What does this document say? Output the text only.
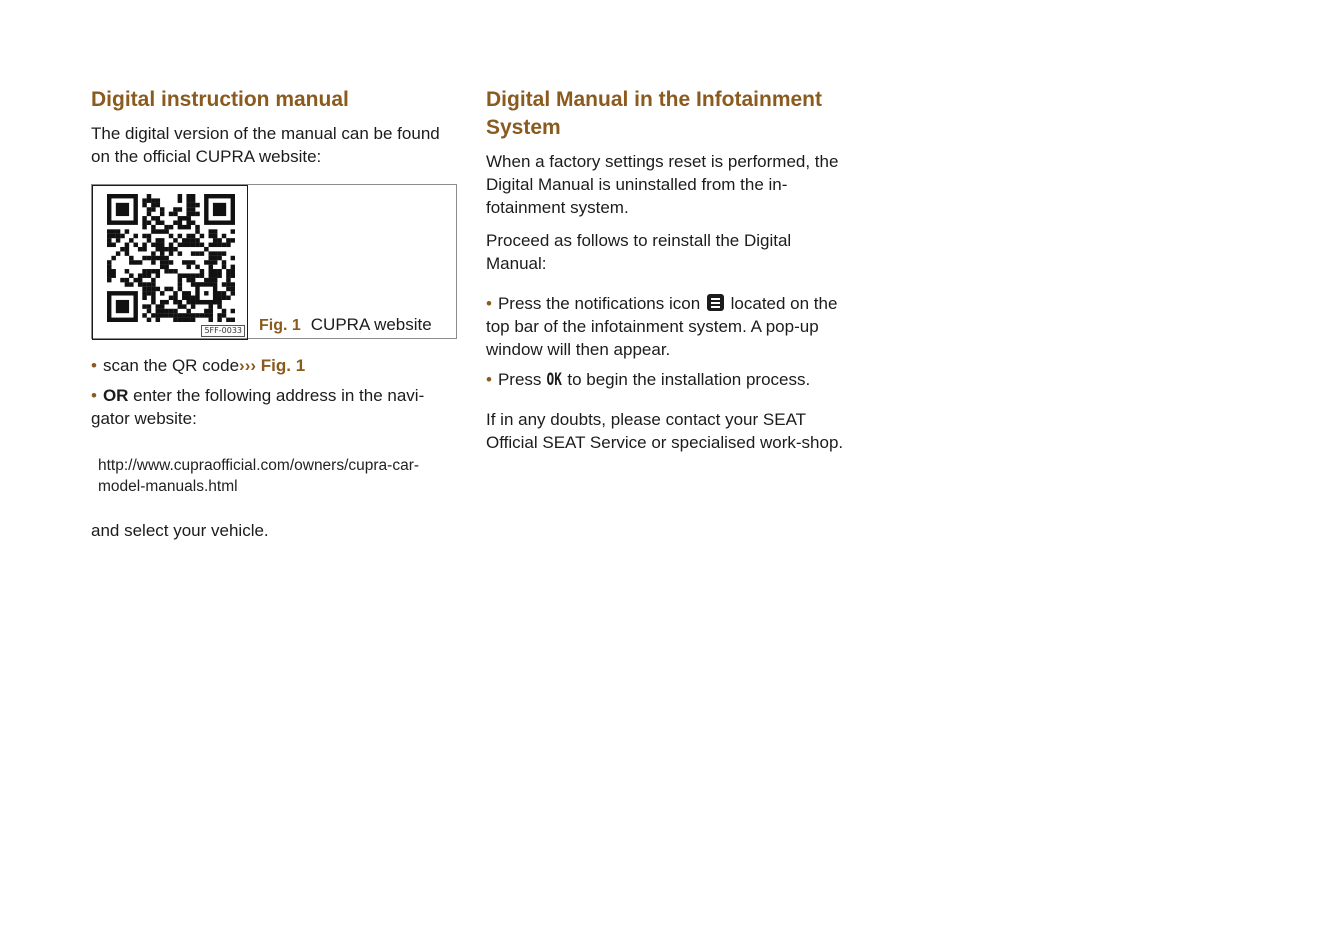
Digital instruction manual

The digital version of the manual can be found on the official CUPRA website:

5FF-0033 Fig. 1 CUPRA website

• scan the QR code››› Fig. 1

• OR enter the following address in the navi-gator website:

http://www.cupraofficial.com/owners/cupra-car-model-manuals.html

and select your vehicle.

Digital Manual in the Infotainment System

When a factory settings reset is performed, the Digital Manual is uninstalled from the in-fotainment system.

Proceed as follows to reinstall the Digital Manual:

• Press the notifications icon
located on the top bar of the infotainment system. A pop-up window will then appear.

• Press OK to begin the installation process.

If in any doubts, please contact your SEAT Official SEAT Service or specialised work-shop.
